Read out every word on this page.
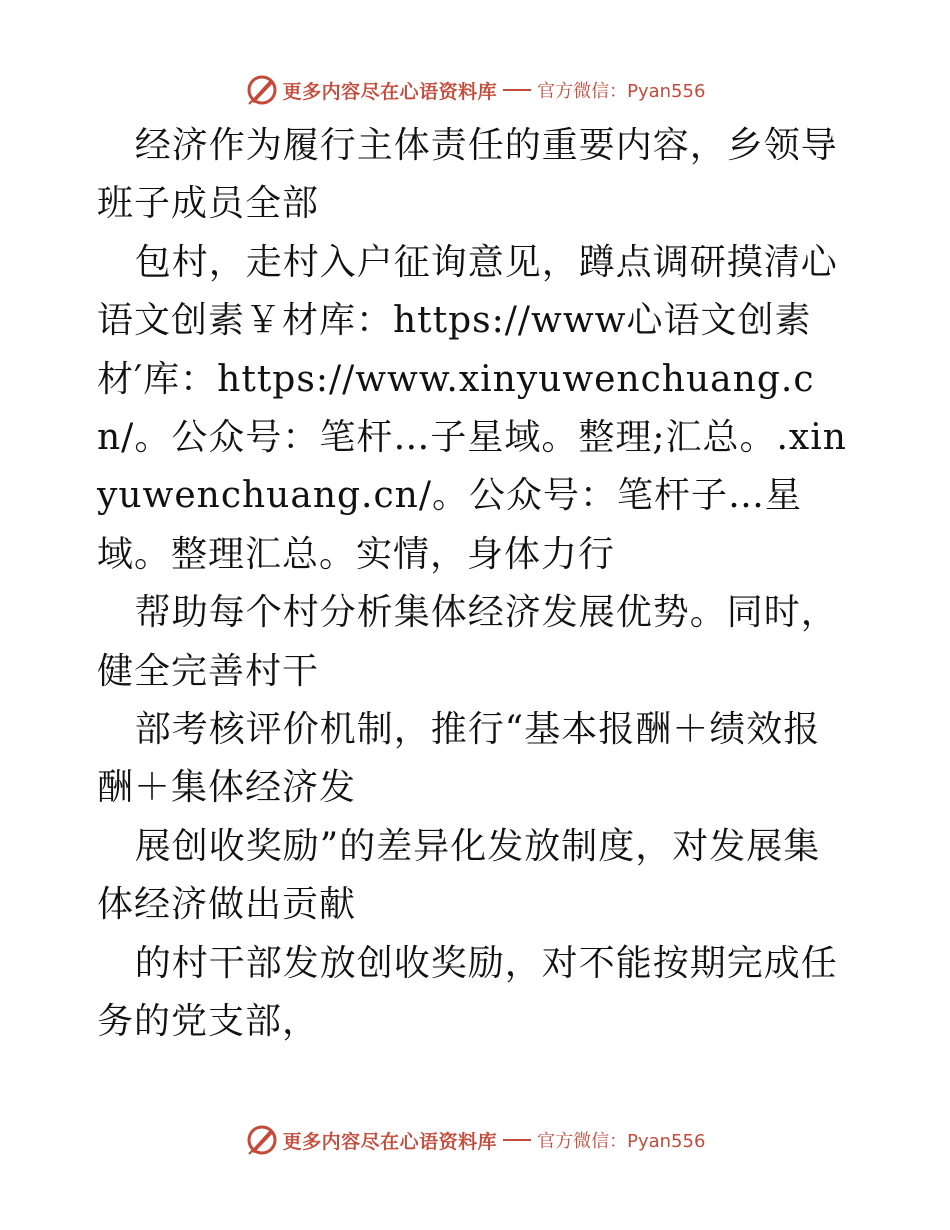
更多内容尽在心语资料库 官方微信：Pyan556

经济作为履行主体责任的重要内容，乡领导班子成员全部

包村，走村入户征询意见，蹲点调研摸清心语文创素￥材库：https://www心语文创素材′库：https://www.xinyuwenchuang.cn/。公众号：笔杆…子星域。整理;汇总。.xinyuwenchuang.cn/。公众号：笔杆子…星域。整理汇总。实情，身体力行

帮助每个村分析集体经济发展优势。同时，健全完善村干

部考核评价机制，推行“基本报酬＋绩效报酬＋集体经济发

展创收奖励”的差异化发放制度，对发展集体经济做出贡献

的村干部发放创收奖励，对不能按期完成任务的党支部，

更多内容尽在心语资料库 官方微信：Pyan556
